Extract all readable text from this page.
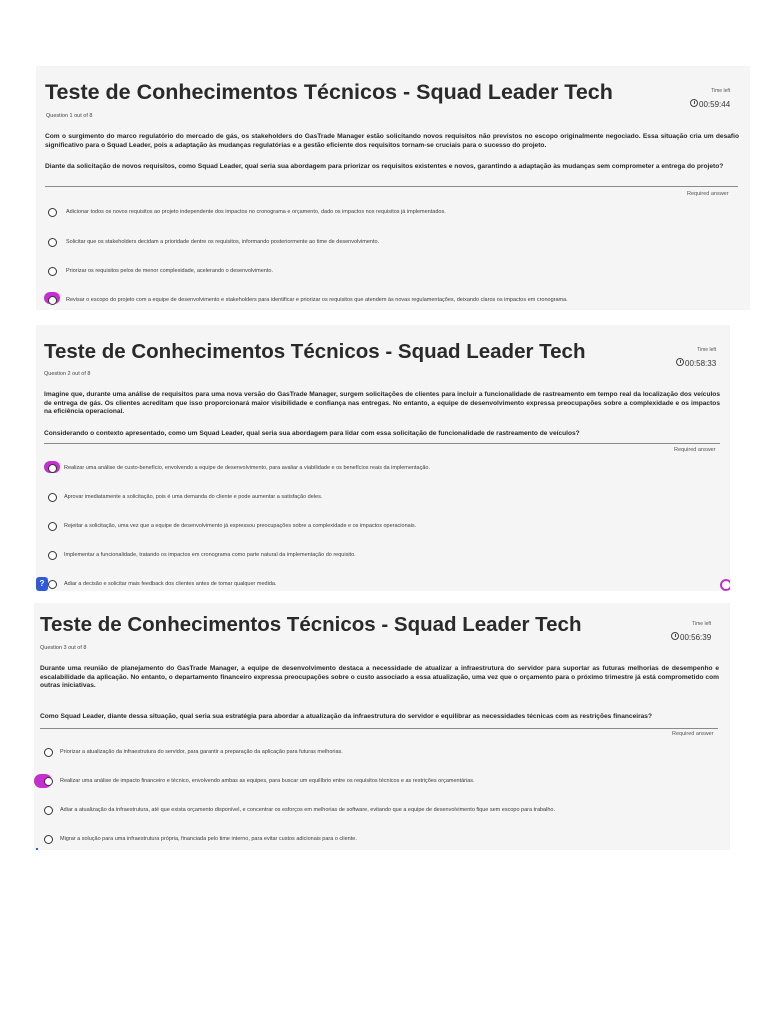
Teste de Conhecimentos Técnicos - Squad Leader Tech	Time left
00:59:44
Question 1 out of 8
Com o surgimento do marco regulatório do mercado de gás, os stakeholders do GasTrade Manager estão solicitando novos requisitos não previstos no escopo originalmente negociado. Essa situação cria um desafio significativo para o Squad Leader, pois a adaptação às mudanças regulatórias e a gestão eficiente dos requisitos tornam-se cruciais para o sucesso do projeto.
Diante da solicitação de novos requisitos, como Squad Leader, qual seria sua abordagem para priorizar os requisitos existentes e novos, garantindo a adaptação às mudanças sem comprometer a entrega do projeto?
Required answer
Adicionar todos os novos requisitos ao projeto independente dos impactos no cronograma e orçamento, dado os impactos nos requisitos já implementados.
Solicitar que os stakeholders decidam a prioridade dentre os requisitos, informando posteriormente ao time de desenvolvimento.
Priorizar os requisitos pelos de menor complexidade, acelerando o desenvolvimento.
Revisar o escopo do projeto com a equipe de desenvolvimento e stakeholders para identificar e priorizar os requisitos que atendem às novas regulamentações, deixando claros os impactos em cronograma.
Teste de Conhecimentos Técnicos - Squad Leader Tech	Time left
00:58:33
Question 2 out of 8
Imagine que, durante uma análise de requisitos para uma nova versão do GasTrade Manager, surgem solicitações de clientes para incluir a funcionalidade de rastreamento em tempo real da localização dos veículos de entrega de gás. Os clientes acreditam que isso proporcionará maior visibilidade e confiança nas entregas. No entanto, a equipe de desenvolvimento expressa preocupações sobre a complexidade e os impactos na eficiência operacional.
Considerando o contexto apresentado, como um Squad Leader, qual seria sua abordagem para lidar com essa solicitação de funcionalidade de rastreamento de veículos?
Required answer
Realizar uma análise de custo-benefício, envolvendo a equipe de desenvolvimento, para avaliar a viabilidade e os benefícios reais da implementação.
Aprovar imediatamente a solicitação, pois é uma demanda do cliente e pode aumentar a satisfação deles.
Rejeitar a solicitação, uma vez que a equipe de desenvolvimento já expressou preocupações sobre a complexidade e os impactos operacionais.
Implementar a funcionalidade, tratando os impactos em cronograma como parte natural da implementação do requisito.
Adiar a decisão e solicitar mais feedback dos clientes antes de tomar qualquer medida.
?
Teste de Conhecimentos Técnicos - Squad Leader Tech	Time left
00:56:39
Question 3 out of 8
Durante uma reunião de planejamento do GasTrade Manager, a equipe de desenvolvimento destaca a necessidade de atualizar a infraestrutura do servidor para suportar as futuras melhorias de desempenho e escalabilidade da aplicação. No entanto, o departamento financeiro expressa preocupações sobre o custo associado a essa atualização, uma vez que o orçamento para o próximo trimestre já está comprometido com outras iniciativas.
Como Squad Leader, diante dessa situação, qual seria sua estratégia para abordar a atualização da infraestrutura do servidor e equilibrar as necessidades técnicas com as restrições financeiras?
Required answer
Priorizar a atualização da infraestrutura do servidor, para garantir a preparação da aplicação para futuras melhorias.
Realizar uma análise de impacto financeiro e técnico, envolvendo ambas as equipes, para buscar um equilíbrio entre os requisitos técnicos e as restrições orçamentárias.
Adiar a atualização da infraestrutura, até que exista orçamento disponível, e concentrar os esforços em melhorias de software, evitando que a equipe de desenvolvimento fique sem escopo para trabalho.
Migrar a solução para uma infraestrutura própria, financiada pelo time interno, para evitar custos adicionais para o cliente.
